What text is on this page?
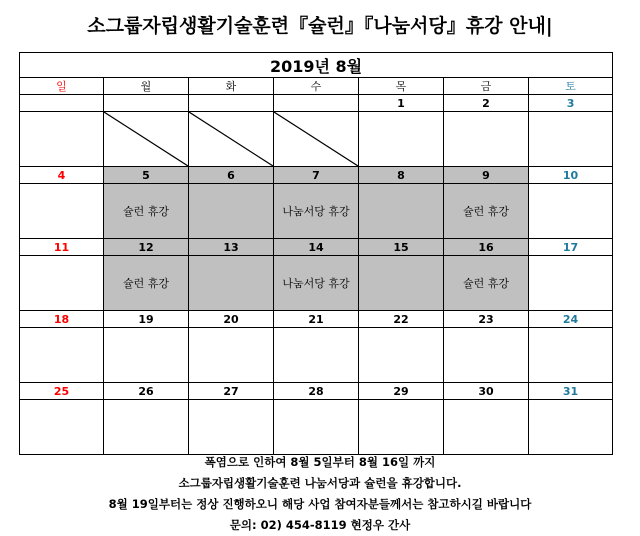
소그룹자립생활기술훈련『슐런』『나눔서당』휴강 안내|
2019년 8월						
일	월	화	수	목	금	토
				1	2	3

4	5	6	7	8	9	10
	슐런 휴강		나눔서당 휴강		슐런 휴강	
11	12	13	14	15	16	17
	슐런 휴강		나눔서당 휴강		슐런 휴강	
18	19	20	21	22	23	24

25	26	27	28	29	30	31

폭염으로 인하여 8월 5일부터 8월 16일 까지
소그룹자립생활기술훈련 나눔서당과 슐런을 휴강합니다.
8월 19일부터는 정상 진행하오니 해당 사업 참여자분들께서는 참고하시길 바랍니다
문의: 02) 454-8119 현정우 간사
